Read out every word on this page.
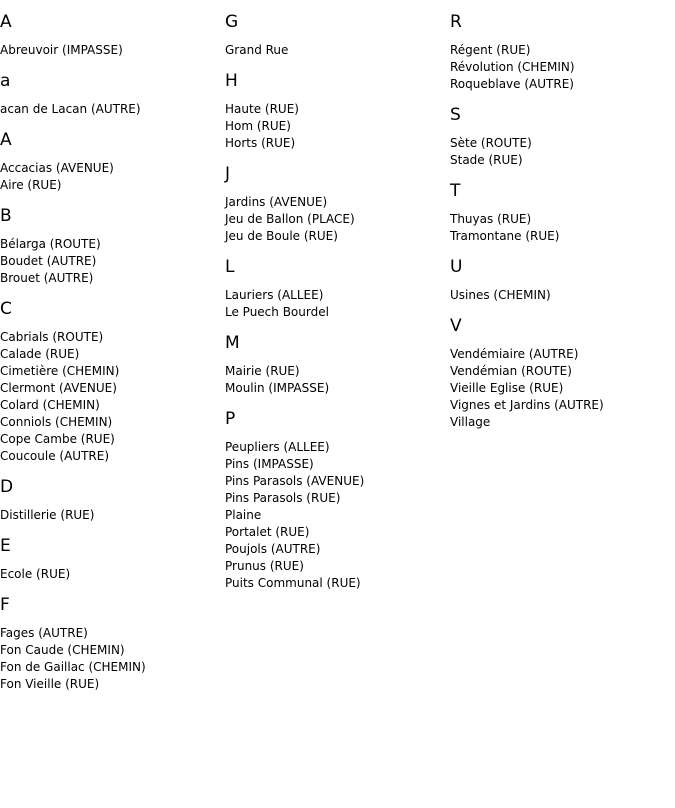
A
Abreuvoir (IMPASSE)
a
acan de Lacan (AUTRE)
A
Accacias (AVENUE)
Aire (RUE)
B
Bélarga (ROUTE)
Boudet (AUTRE)
Brouet (AUTRE)
C
Cabrials (ROUTE)
Calade (RUE)
Cimetière (CHEMIN)
Clermont (AVENUE)
Colard (CHEMIN)
Conniols (CHEMIN)
Cope Cambe (RUE)
Coucoule (AUTRE)
D
Distillerie (RUE)
E
Ecole (RUE)
F
Fages (AUTRE)
Fon Caude (CHEMIN)
Fon de Gaillac (CHEMIN)
Fon Vieille (RUE)
G
Grand Rue
H
Haute (RUE)
Hom (RUE)
Horts (RUE)
J
Jardins (AVENUE)
Jeu de Ballon (PLACE)
Jeu de Boule (RUE)
L
Lauriers (ALLEE)
Le Puech Bourdel
M
Mairie (RUE)
Moulin (IMPASSE)
P
Peupliers (ALLEE)
Pins (IMPASSE)
Pins Parasols (AVENUE)
Pins Parasols (RUE)
Plaine
Portalet (RUE)
Poujols (AUTRE)
Prunus (RUE)
Puits Communal (RUE)
R
Régent (RUE)
Révolution (CHEMIN)
Roqueblave (AUTRE)
S
Sète (ROUTE)
Stade (RUE)
T
Thuyas (RUE)
Tramontane (RUE)
U
Usines (CHEMIN)
V
Vendémiaire (AUTRE)
Vendémian (ROUTE)
Vieille Eglise (RUE)
Vignes et Jardins (AUTRE)
Village
